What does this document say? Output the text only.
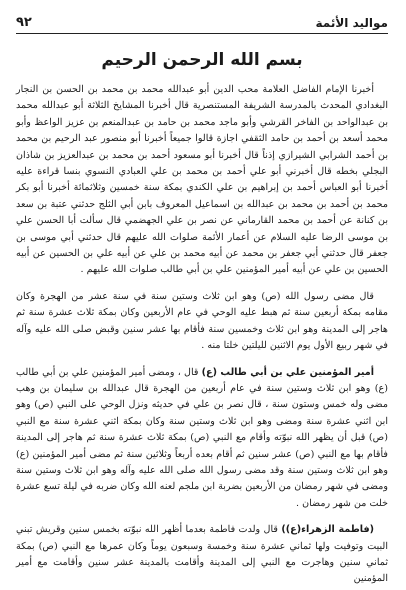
مواليد الأئمة
٩٢
بسم الله الرحمن الرحيم

أخبرنا الإمام الفاضل العلامة محب الدين أبو عبدالله محمد بن محمد بن الحسن بن النجار البغدادي المحدث بالمدرسة الشريفة المستنصرية قال أخبرنا المشايخ الثلاثة أبو عبدالله محمد بن عبدالواحد بن الفاخر القرشي وأبو ماجد محمد بن حامد بن عبدالمنعم بن عزيز الواعظ وأبو محمد أسعد بن أحمد بن حامد الثقفي اجازة قالوا جميعاً أخبرنا أبو منصور عبد الرحيم بن محمد بن أحمد الشرابي الشيرازي إذناً قال أخبرنا أبو مسعود أحمد بن محمد بن عبدالعزيز بن شاذان البجلي بخطه قال أخبرني أبو علي أحمد بن محمد بن علي العبادي النسوي بنسا قراءة عليه أخبرنا أبو العباس أحمد بن إبراهيم بن علي الكندي بمكة سنة خمسين وثلاثمائة أخبرنا أبو بكر محمد بن أحمد بن محمد بن عبدالله بن اسماعيل المعروف بابن أبي الثلج حدثني عتبة بن سعد بن كنانة عن أحمد بن محمد القارماني عن نصر بن علي الجهضمي قال سألت أبا الحسن علي بن موسى الرضا عليه السلام عن أعمار الأئمة صلوات الله عليهم قال حدثني أبي موسى بن جعفر قال حدثني أبي جعفر بن محمد عن أبيه محمد بن علي عن أبيه علي بن الحسين عن أبيه الحسين بن علي عن أبيه أمير المؤمنين علي بن أبي طالب صلوات الله عليهم .

قال مضى رسول الله (ص) وهو ابن ثلاث وستين سنة في سنة عشر من الهجرة وكان مقامه بمكة أربعين سنة ثم هبط عليه الوحي في عام الأربعين وكان بمكة ثلاث عشرة سنة ثم هاجر إلى المدينة وهو ابن ثلاث وخمسين سنة فأقام بها عشر سنين وقبض صلى الله عليه وآله في شهر ربيع الأول يوم الاثنين لليلتين خلتا منه .

أمير المؤمنين علي بن أبي طالب (ع) قال ، ومضى أمير المؤمنين علي بن أبي طالب (ع) وهو ابن ثلاث وستين سنة في عام أربعين من الهجرة قال عبدالله بن سليمان بن وهب مضى وله خمس وستون سنة ، قال نصر بن علي في حديثه ونزل الوحي على النبي (ص) وهو ابن اثني عشرة سنة ومضى وهو ابن ثلاث وستين سنة وكان بمكة اثني عشرة سنة مع النبي (ص) قبل أن يظهر الله نبوّته وأقام مع النبي (ص) بمكة ثلاث عشرة سنة ثم هاجر إلى المدينة فأقام بها مع النبي (ص) عشر سنين ثم أقام بعده أربعاً وثلاثين سنة ثم مضى أمير المؤمنين (ع) وهو ابن ثلاث وستين سنة وقد مضى رسول الله صلى الله عليه وآله وهو ابن ثلاث وستين سنة ومضى في شهر رمضان من الأربعين بضربة ابن ملجم لعنه الله وكان ضربه في ليلة تسع عشرة خلت من شهر رمضان .

(فاطمة الزهراء(ع)) قال ولدت فاطمة بعدما أظهر الله نبوّته بخمس سنين وقريش تبني البيت وتوفيت ولها ثماني عشرة سنة وخمسة وسبعون يوماً وكان عمرها مع النبي (ص) بمكة ثماني سنين وهاجرت مع النبي إلى المدينة وأقامت بالمدينة عشر سنين وأقامت مع أمير المؤمنين
